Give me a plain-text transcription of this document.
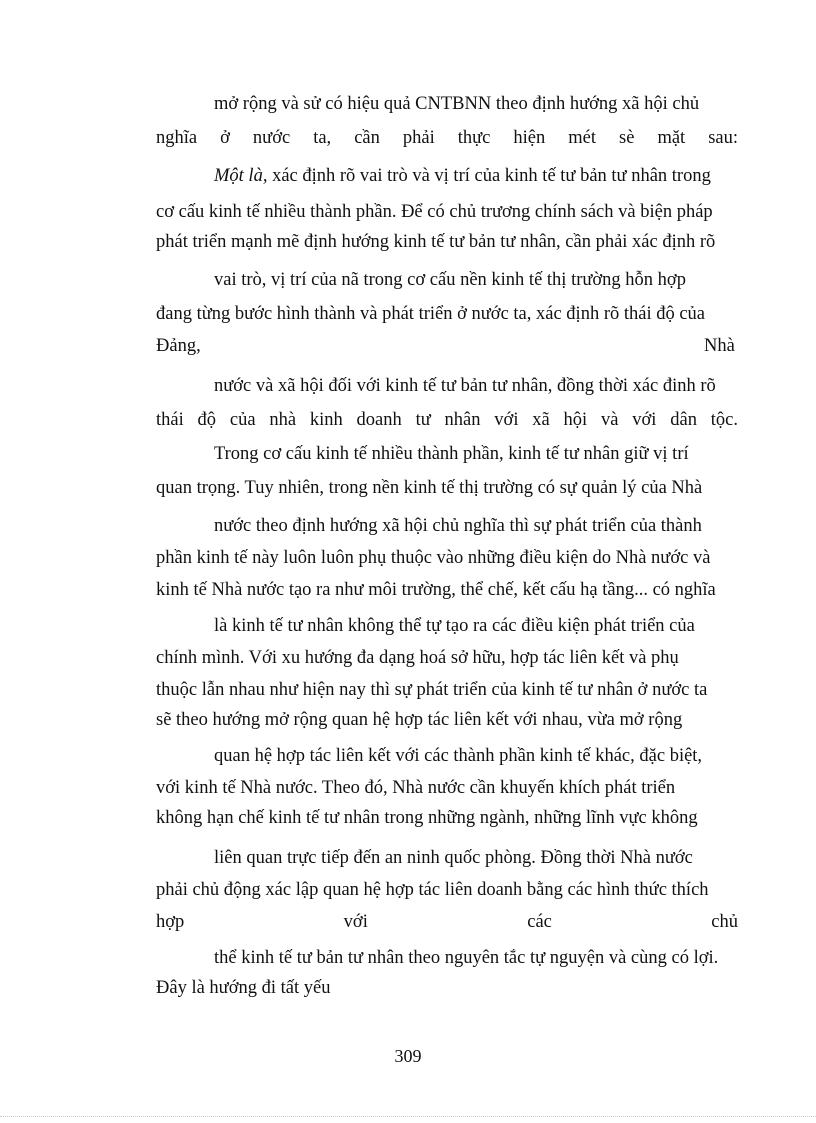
mở rộng và sử có hiệu quả CNTBNN theo định hướng xã hội chủ
nghĩa ở nước ta, cần phải thực hiện mét sè mặt sau:
Một là, xác định rõ vai trò và vị trí của kinh tế tư bản tư nhân trong
cơ cấu kinh tế nhiều thành phần. Để có chủ trương chính sách và biện pháp
phát triển mạnh mẽ định hướng kinh tế tư bản tư nhân, cần phải xác định rõ
vai trò, vị trí của nã trong cơ cấu nền kinh tế thị trường hỗn hợp
đang từng bước hình thành và phát triển ở nước ta, xác định rõ thái độ của
Đảng,	Nhà
nước và xã hội đối với kinh tế tư bản tư nhân, đồng thời xác đinh rõ
thái độ của nhà kinh doanh tư nhân với xã hội và với dân tộc.
Trong cơ cấu kinh tế nhiều thành phần, kinh tế tư nhân giữ vị trí
quan trọng. Tuy nhiên, trong nền kinh tế thị trường có sự quản lý của Nhà
nước theo định hướng xã hội chủ nghĩa thì sự phát triển của thành
phần kinh tế này luôn luôn phụ thuộc vào những điều kiện do Nhà nước và
kinh tế Nhà nước tạo ra như môi trường, thể chế, kết cấu hạ tầng... có nghĩa
là kinh tế tư nhân không thể tự tạo ra các điều kiện phát triển của
chính mình. Với xu hướng đa dạng hoá sở hữu, hợp tác liên kết và phụ
thuộc lẫn nhau như hiện nay thì sự phát triển của kinh tế tư nhân ở nước ta
sẽ theo hướng mở rộng quan hệ hợp tác liên kết với nhau, vừa mở rộng
quan hệ hợp tác liên kết với các thành phần kinh tế khác, đặc biệt,
với kinh tế Nhà nước. Theo đó, Nhà nước cần khuyến khích phát triển
không hạn chế kinh tế tư nhân trong những ngành, những lĩnh vực không
liên quan trực tiếp đến an ninh quốc phòng. Đồng thời Nhà nước
phải chủ động xác lập quan hệ hợp tác liên doanh bằng các hình thức thích
hợp với các chủ
thể kinh tế tư bản tư nhân theo nguyên tắc tự nguyện và cùng có lợi.
Đây là hướng đi tất yếu
309
